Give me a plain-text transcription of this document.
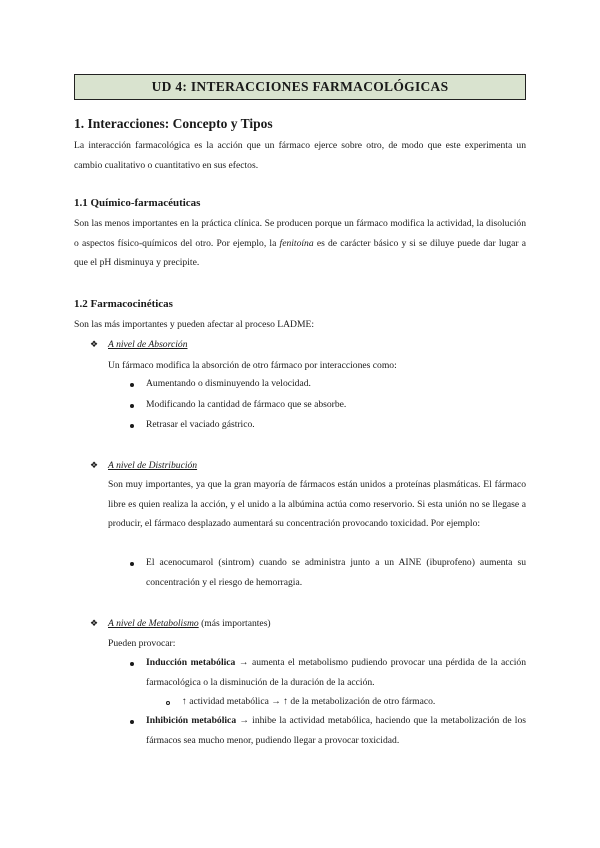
UD 4: INTERACCIONES FARMACOLÓGICAS
1. Interacciones: Concepto y Tipos
La interacción farmacológica es la acción que un fármaco ejerce sobre otro, de modo que este experimenta un cambio cualitativo o cuantitativo en sus efectos.
1.1 Químico-farmacéuticas
Son las menos importantes en la práctica clínica. Se producen porque un fármaco modifica la actividad, la disolución o aspectos físico-químicos del otro. Por ejemplo, la fenitoína es de carácter básico y si se diluye puede dar lugar a que el pH disminuya y precipite.
1.2 Farmacocinéticas
Son las más importantes y pueden afectar al proceso LADME:
❖ A nivel de Absorción
Un fármaco modifica la absorción de otro fármaco por interacciones como:
Aumentando o disminuyendo la velocidad.
Modificando la cantidad de fármaco que se absorbe.
Retrasar el vaciado gástrico.
❖ A nivel de Distribución
Son muy importantes, ya que la gran mayoría de fármacos están unidos a proteínas plasmáticas. El fármaco libre es quien realiza la acción, y el unido a la albúmina actúa como reservorio. Si esta unión no se llegase a producir, el fármaco desplazado aumentará su concentración provocando toxicidad. Por ejemplo:
El acenocumarol (sintrom) cuando se administra junto a un AINE (ibuprofeno) aumenta su concentración y el riesgo de hemorragia.
❖ A nivel de Metabolismo (más importantes)
Pueden provocar:
Inducción metabólica → aumenta el metabolismo pudiendo provocar una pérdida de la acción farmacológica o la disminución de la duración de la acción.
↑ actividad metabólica → ↑ de la metabolización de otro fármaco.
Inhibición metabólica → inhibe la actividad metabólica, haciendo que la metabolización de los fármacos sea mucho menor, pudiendo llegar a provocar toxicidad.
